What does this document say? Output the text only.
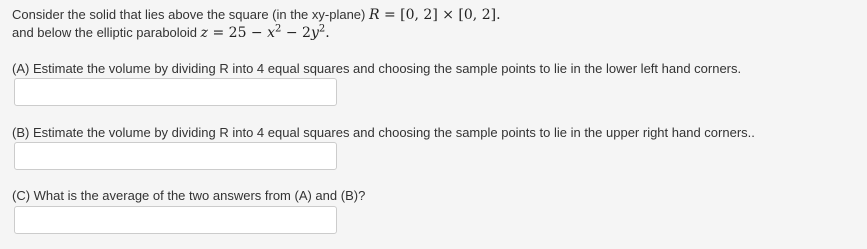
Consider the solid that lies above the square (in the xy-plane) R = [0, 2] × [0, 2].
and below the elliptic paraboloid $z = 25 - x^2 - 2y^2$.
(A) Estimate the volume by dividing R into 4 equal squares and choosing the sample points to lie in the lower left hand corners.
(B) Estimate the volume by dividing R into 4 equal squares and choosing the sample points to lie in the upper right hand corners..
(C) What is the average of the two answers from (A) and (B)?
